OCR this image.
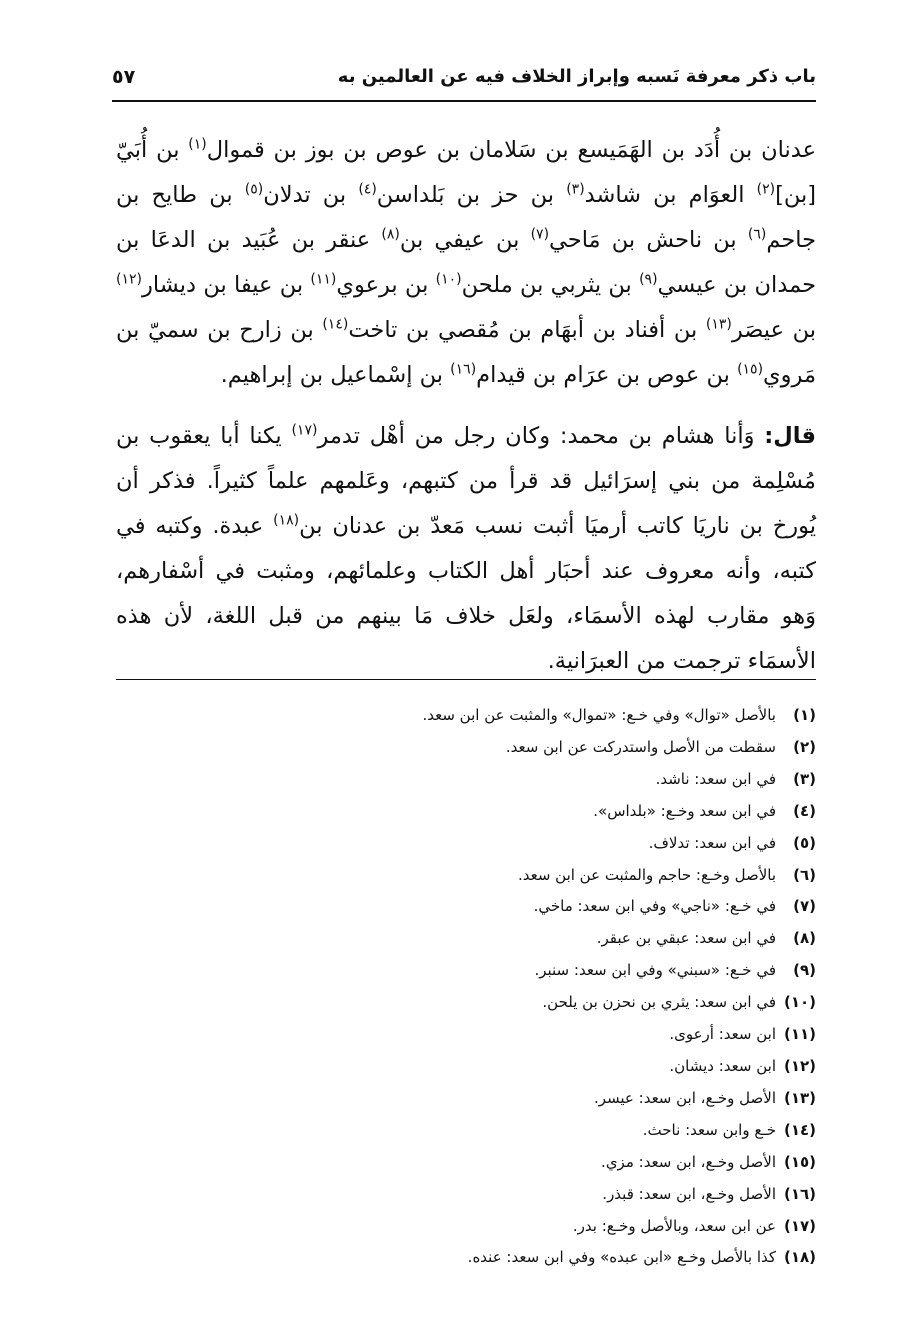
باب ذكر معرفة نَسبه وإبراز الخلاف فيه عن العالمين به
٥٧

عدنان بن أُدَد بن الهَمَيسع بن سَلامان بن عوص بن بوز بن قموال$^{(١)}$ بن أُبَيّ [بن]$^{(٢)}$ العوَام بن شاشد$^{(٣)}$ بن حز بن بَلداسن$^{(٤)}$ بن تدلان$^{(٥)}$ بن طايح بن جاحم$^{(٦)}$ بن ناحش بن مَاحي$^{(٧)}$ بن عيفي بن$^{(٨)}$ عنقر بن عُبَيد بن الدعَا بن حمدان بن عيسي$^{(٩)}$ بن يثربي بن ملحن$^{(١٠)}$ بن برعوي$^{(١١)}$ بن عيفا بن ديشار$^{(١٢)}$ بن عيصَر$^{(١٣)}$ بن أفناد بن أبهَام بن مُقصي بن تاخت$^{(١٤)}$ بن زارح بن سميّ بن مَروي$^{(١٥)}$ بن عوص بن عرَام بن قيدام$^{(١٦)}$ بن إسْماعيل بن إبراهيم.

قال: وَأنا هشام بن محمد: وكان رجل من أهْل تدمر$^{(١٧)}$ يكنا أبا يعقوب بن مُسْلِمة من بني إسرَائيل قد قرأ من كتبهم، وعَلمهم علماً كثيراً. فذكر أن يُورخ بن ناريَا كاتب أرميَا أثبت نسب مَعدّ بن عدنان بن$^{(١٨)}$ عبدة. وكتبه في كتبه، وأنه معروف عند أحبَار أهل الكتاب وعلمائهم، ومثبت في أسْفارهم، وَهو مقارب لهذه الأسمَاء، ولعَل خلاف مَا بينهم من قبل اللغة، لأن هذه الأسمَاء ترجمت من العبرَانية.

(١)بالأصل «توال» وفي خـع: «تموال» والمثبت عن ابن سعد.
(٢)سقطت من الأصل واستدركت عن ابن سعد.
(٣)في ابن سعد: ناشد.
(٤)في ابن سعد وخـع: «بلداس».
(٥)في ابن سعد: تدلاف.
(٦)بالأصل وخـع: حاجم والمثبت عن ابن سعد.
(٧)في خـع: «ناجي» وفي ابن سعد: ماخي.
(٨)في ابن سعد: عبقي بن عبقر.
(٩)في خـع: «سبني» وفي ابن سعد: سنبر.
(١٠)في ابن سعد: يثري بن نحزن بن يلحن.
(١١)ابن سعد: أرعوى.
(١٢)ابن سعد: ديشان.
(١٣)الأصل وخـع، ابن سعد: عيسر.
(١٤)خـع وابن سعد: ناحث.
(١٥)الأصل وخـع، ابن سعد: مزي.
(١٦)الأصل وخـع، ابن سعد: قبذر.
(١٧)عن ابن سعد، وبالأصل وخـع: بدر.
(١٨)كذا بالأصل وخـع «ابن عبده» وفي ابن سعد: عنده.
